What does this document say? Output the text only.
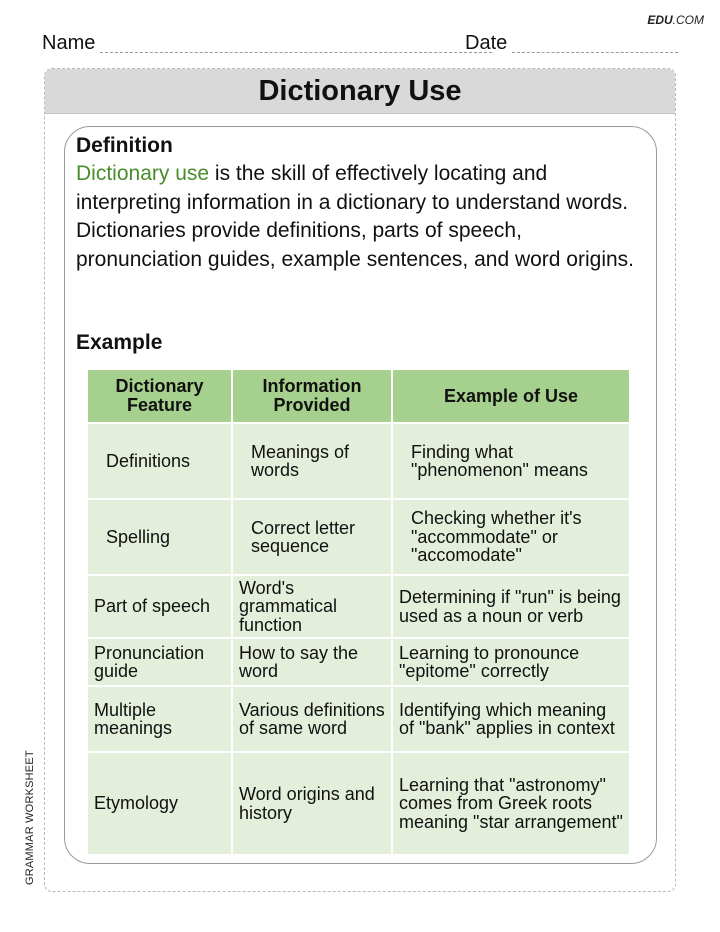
EDU.COM
Name	Date
GRAMMAR WORKSHEET
Dictionary Use
Definition
Dictionary use is the skill of effectively locating and interpreting information in a dictionary to understand words. Dictionaries provide definitions, parts of speech, pronunciation guides, example sentences, and word origins.
Example
Dictionary Feature	Information Provided	Example of Use
Definitions	Meanings of words	Finding what "phenomenon" means
Spelling	Correct letter sequence	Checking whether it's "accommodate" or "accomodate"
Part of speech	Word's grammatical function	Determining if "run" is being used as a noun or verb
Pronunciation guide	How to say the word	Learning to pronounce "epitome" correctly
Multiple meanings	Various definitions of same word	Identifying which meaning of "bank" applies in context
Etymology	Word origins and history	Learning that "astronomy" comes from Greek roots meaning "star arrangement"
